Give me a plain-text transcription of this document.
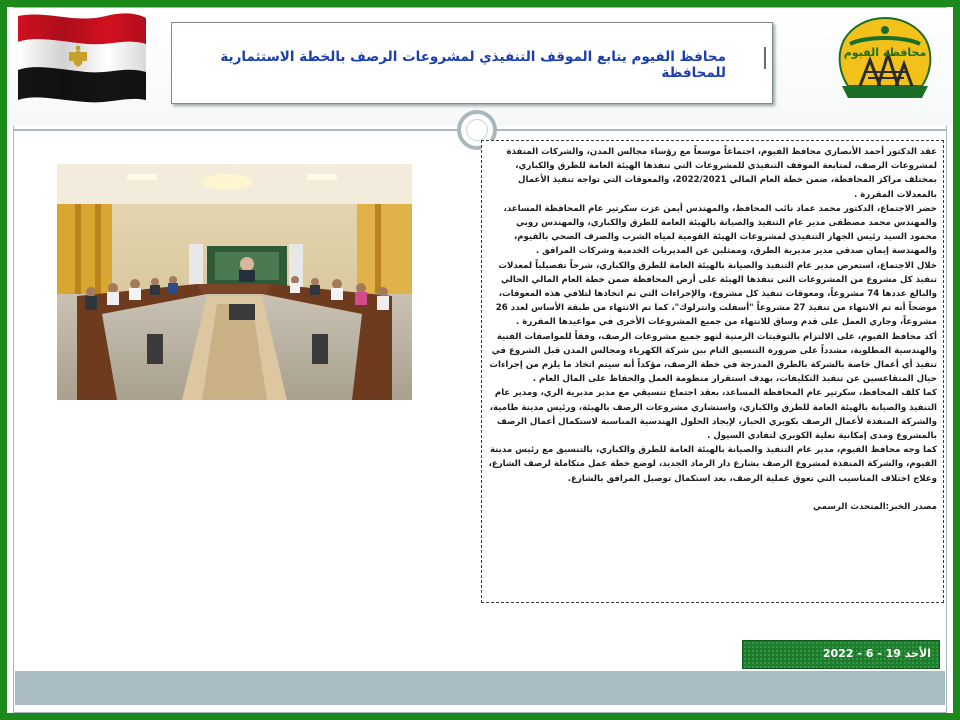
محافظ الفيوم يتابع الموقف التنفيذي لمشروعات الرصف بالخطة الاستثمارية للمحافظة
محافظة الفيوم

عقد الدكتور أحمد الأنصاري محافظ الفيوم، اجتماعاً موسعاً مع رؤساء مجالس المدن، والشركات المنفذة لمشروعات الرصف، لمتابعة الموقف التنفيذي للمشروعات التي تنفذها الهيئة العامة للطرق والكباري، بمختلف مراكز المحافظة، ضمن خطة العام المالي 2022/2021، والمعوقات التي تواجه تنفيذ الأعمال بالمعدلات المقررة .

حضر الاجتماع، الدكتور محمد عماد نائب المحافظ، والمهندس أيمن عزت سكرتير عام المحافظة المساعد، والمهندس محمد مصطفى مدير عام التنفيذ والصيانة بالهيئة العامة للطرق والكباري، والمهندس روبي محمود السيد رئيس الجهاز التنفيذي لمشروعات الهيئة القومية لمياه الشرب والصرف الصحي بالفيوم، والمهندسة إيمان صدقي مدير مديرية الطرق، وممثلين عن المديريات الخدمية وشركات المرافق .

خلال الاجتماع، استعرض مدير عام التنفيذ والصيانة بالهيئة العامة للطرق والكباري، شرحاً تفصيلياً لمعدلات تنفيذ كل مشروع من المشروعات التي تنفذها الهيئة على أرض المحافظة ضمن خطة العام المالي الحالي والبالغ عددها 74 مشروعاً، ومعوقات تنفيذ كل مشروع، والإجراءات التي تم اتخاذها لتلافي هذه المعوقات، موضحاً أنه تم الانتهاء من تنفيذ 27 مشروعاً "أسفلت وانترلوك"، كما تم الانتهاء من طبقة الأساس لعدد 26 مشروعاً، وجاري العمل على قدم وساق للانتهاء من جميع المشروعات الأخرى في مواعيدها المقررة .

أكد محافظ الفيوم، على الالتزام بالتوقيتات الزمنية لنهو جميع مشروعات الرصف، وفقاً للمواصفات الفنية والهندسية المطلوبة، مشدداً على ضرورة التنسيق التام بين شركة الكهرباء ومجالس المدن قبل الشروع في تنفيذ أي أعمال خاصة بالشركة بالطرق المدرجة في خطة الرصف، مؤكداً أنه سيتم اتخاذ ما يلزم من إجراءات حيال المتقاعسين عن تنفيذ التكليفات، بهدف استقرار منظومة العمل والحفاظ على المال العام .

كما كلف المحافظ، سكرتير عام المحافظة المساعد، بعقد اجتماع تنسيقي مع مدير مديرية الري، ومدير عام التنفيذ والصيانة بالهيئة العامة للطرق والكباري، واستشاري مشروعات الرصف بالهيئة، ورئيس مدينة طامية، والشركة المنفذة لأعمال الرصف بكوبري الحيار، لإيجاد الحلول الهندسية المناسبة لاستكمال أعمال الرصف بالمشروع ومدى إمكانية تعلية الكوبري لتفادي السيول .

كما وجه محافظ الفيوم، مدير عام التنفيذ والصيانة بالهيئة العامة للطرق والكباري، بالتنسيق مع رئيس مدينة الفيوم، والشركة المنفذة لمشروع الرصف بشارع دار الرماد الجديد، لوضع خطة عمل متكاملة لرصف الشارع، وعلاج اختلاف المناسيب التي تعوق عملية الرصف، بعد استكمال توصيل المرافق بالشارع.

مصدر الخبر:المتحدث الرسمي
الأحد 19 - 6 - 2022
